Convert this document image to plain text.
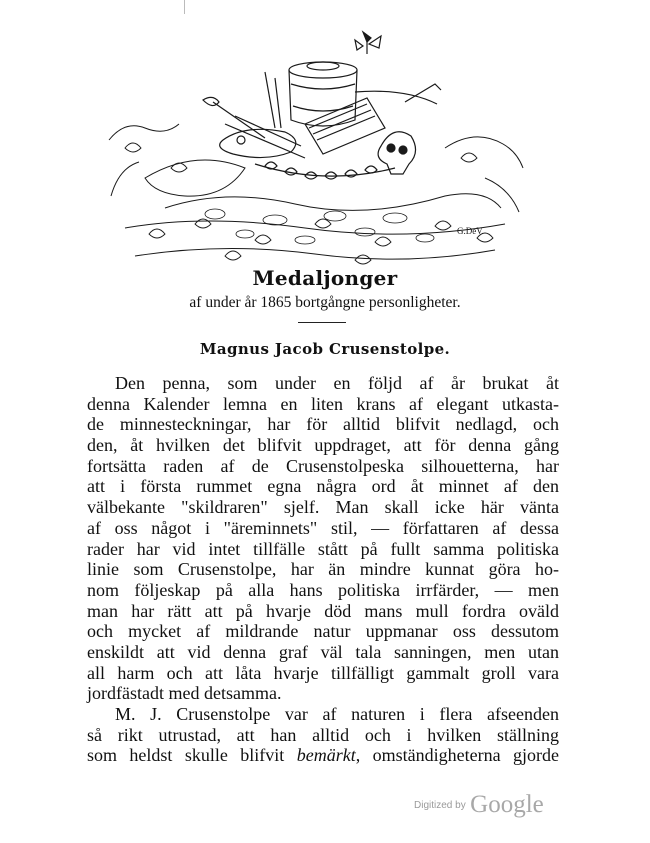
G.DeV.
Medaljonger
af under år 1865 bortgångne personligheter.
Magnus Jacob Crusenstolpe.
Den penna, som under en följd af år brukat åt
denna Kalender lemna en liten krans af elegant utkasta-
de minnesteckningar, har för alltid blifvit nedlagd, och
den, åt hvilken det blifvit uppdraget, att för denna gång
fortsätta raden af de Crusenstolpeska silhouetterna, har
att i första rummet egna några ord åt minnet af den
välbekante "skildraren" sjelf. Man skall icke här vänta
af oss något i "äreminnets" stil, — författaren af dessa
rader har vid intet tillfälle stått på fullt samma politiska
linie som Crusenstolpe, har än mindre kunnat göra ho-
nom följeskap på alla hans politiska irrfärder, — men
man har rätt att på hvarje död mans mull fordra oväld
och mycket af mildrande natur uppmanar oss dessutom
enskildt att vid denna graf väl tala sanningen, men utan
all harm och att låta hvarje tillfälligt gammalt groll vara
jordfästadt med detsamma.
M. J. Crusenstolpe var af naturen i flera afseenden
så rikt utrustad, att han alltid och i hvilken ställning
som heldst skulle blifvit bemärkt, omständigheterna gjorde
$^{Digitized by}$ Google
